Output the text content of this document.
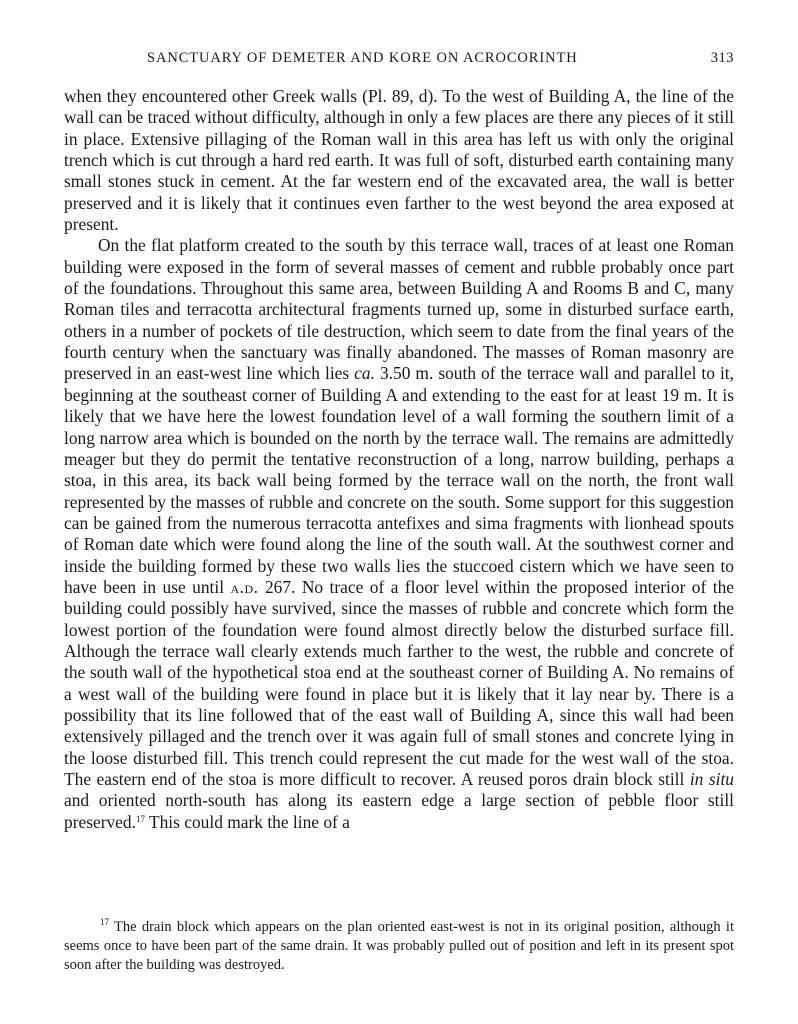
SANCTUARY OF DEMETER AND KORE ON ACROCORINTH	313

when they encountered other Greek walls (Pl. 89, d). To the west of Building A, the line of the wall can be traced without difficulty, although in only a few places are there any pieces of it still in place. Extensive pillaging of the Roman wall in this area has left us with only the original trench which is cut through a hard red earth. It was full of soft, disturbed earth containing many small stones stuck in cement. At the far western end of the excavated area, the wall is better preserved and it is likely that it continues even farther to the west beyond the area exposed at present.

On the flat platform created to the south by this terrace wall, traces of at least one Roman building were exposed in the form of several masses of cement and rubble probably once part of the foundations. Throughout this same area, between Building A and Rooms B and C, many Roman tiles and terracotta architectural fragments turned up, some in disturbed surface earth, others in a number of pockets of tile destruction, which seem to date from the final years of the fourth century when the sanctuary was finally abandoned. The masses of Roman masonry are preserved in an east-west line which lies ca. 3.50 m. south of the terrace wall and parallel to it, beginning at the southeast corner of Building A and extending to the east for at least 19 m. It is likely that we have here the lowest foundation level of a wall forming the southern limit of a long narrow area which is bounded on the north by the terrace wall. The remains are admittedly meager but they do permit the tentative reconstruction of a long, narrow building, perhaps a stoa, in this area, its back wall being formed by the terrace wall on the north, the front wall represented by the masses of rubble and concrete on the south. Some support for this suggestion can be gained from the numerous terracotta antefixes and sima fragments with lionhead spouts of Roman date which were found along the line of the south wall. At the southwest corner and inside the building formed by these two walls lies the stuccoed cistern which we have seen to have been in use until a.d. 267. No trace of a floor level within the proposed interior of the building could possibly have survived, since the masses of rubble and concrete which form the lowest portion of the foundation were found almost directly below the disturbed surface fill. Although the terrace wall clearly extends much farther to the west, the rubble and concrete of the south wall of the hypothetical stoa end at the southeast corner of Building A. No remains of a west wall of the building were found in place but it is likely that it lay near by. There is a possibility that its line followed that of the east wall of Building A, since this wall had been extensively pillaged and the trench over it was again full of small stones and concrete lying in the loose disturbed fill. This trench could represent the cut made for the west wall of the stoa. The eastern end of the stoa is more difficult to recover. A reused poros drain block still in situ and oriented north-south has along its eastern edge a large section of pebble floor still preserved.$^{17}$ This could mark the line of a

$^{17}$ The drain block which appears on the plan oriented east-west is not in its original position, although it seems once to have been part of the same drain. It was probably pulled out of position and left in its present spot soon after the building was destroyed.
